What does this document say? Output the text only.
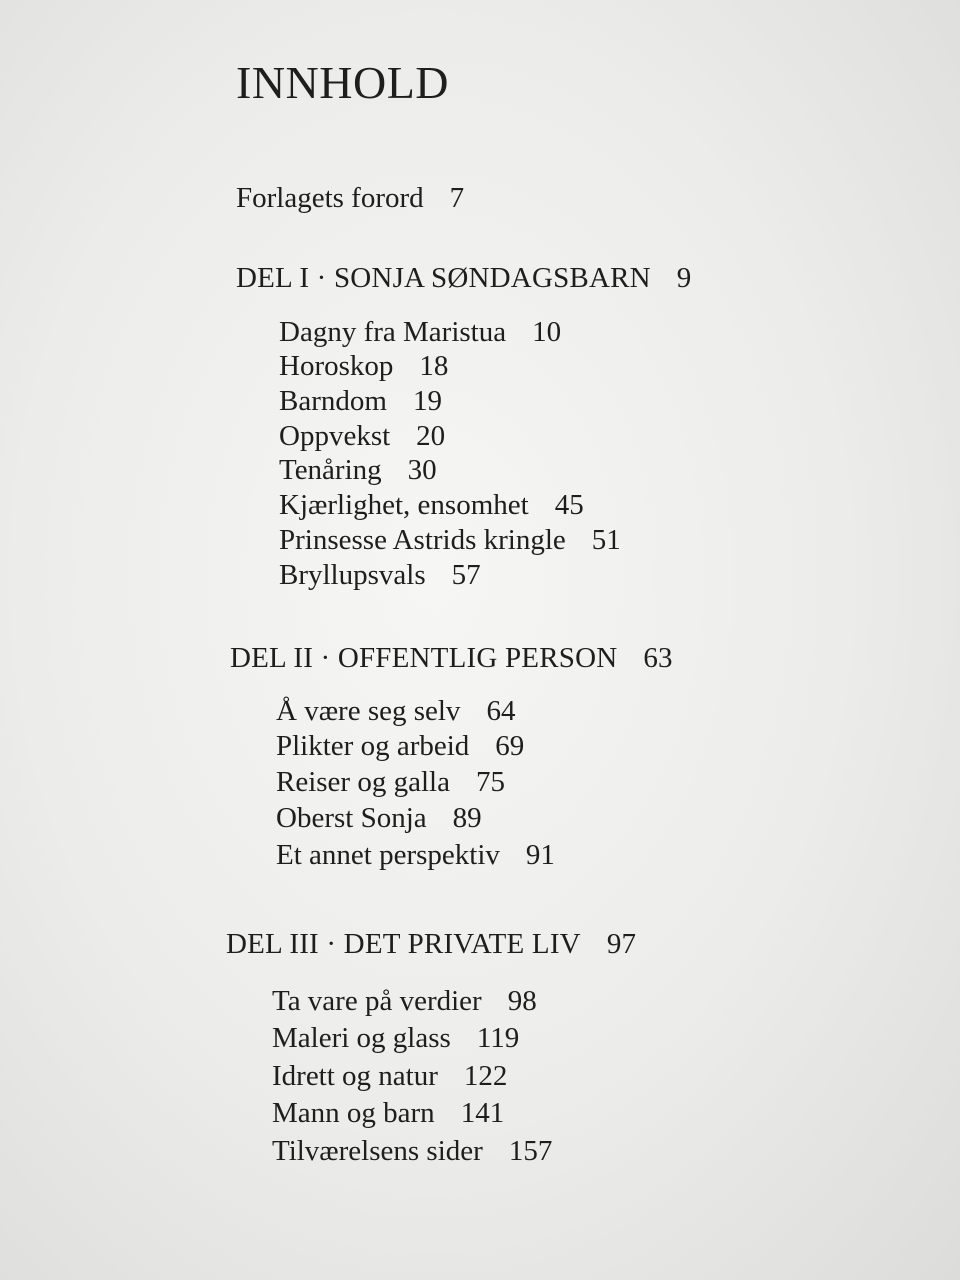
INNHOLD
Forlagets forord 7
DEL I · SONJA SØNDAGSBARN 9
Dagny fra Maristua 10
Horoskop 18
Barndom 19
Oppvekst 20
Tenåring 30
Kjærlighet, ensomhet 45
Prinsesse Astrids kringle 51
Bryllupsvals 57
DEL II · OFFENTLIG PERSON 63
Å være seg selv 64
Plikter og arbeid 69
Reiser og galla 75
Oberst Sonja 89
Et annet perspektiv 91
DEL III · DET PRIVATE LIV 97
Ta vare på verdier 98
Maleri og glass 119
Idrett og natur 122
Mann og barn 141
Tilværelsens sider 157
